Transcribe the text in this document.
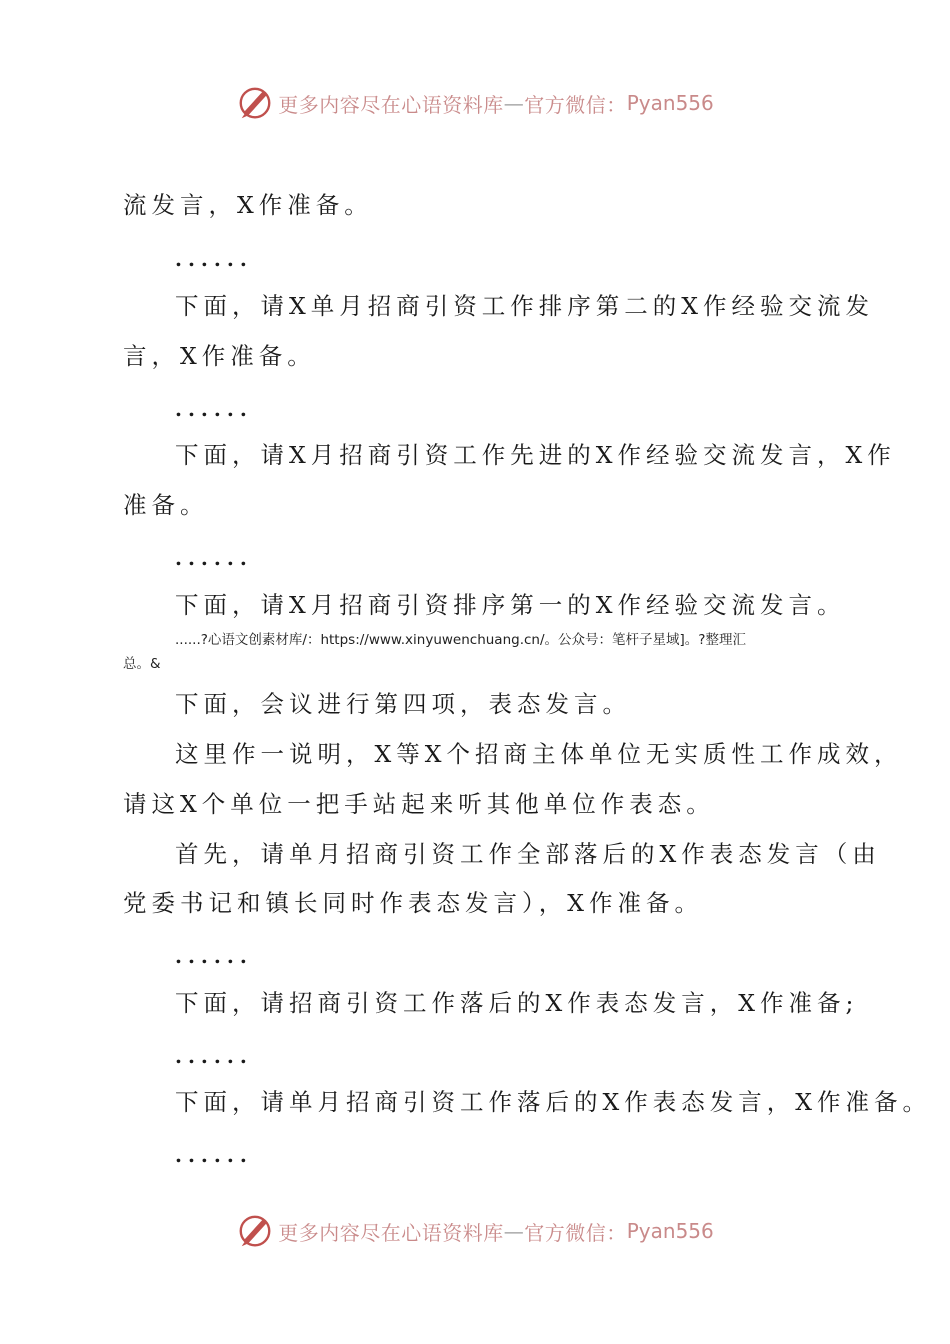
更多内容尽在心语资料库 — 官方微信： Pyan556
流发言，X作准备。
......
下面，请X单月招商引资工作排序第二的X作经验交流发
言，X作准备。
......
下面，请X月招商引资工作先进的X作经验交流发言，X作
准备。
......
下面，请X月招商引资排序第一的X作经验交流发言。
......?心语文创素材库/：https://www.xinyuwenchuang.cn/。公众号：笔杆子星域]。?整理汇
总。&
下面，会议进行第四项，表态发言。
这里作一说明，X等X个招商主体单位无实质性工作成效，
请这X个单位一把手站起来听其他单位作表态。
首先，请单月招商引资工作全部落后的X作表态发言（由
党委书记和镇长同时作表态发言），X作准备。
......
下面，请招商引资工作落后的X作表态发言，X作准备;
......
下面，请单月招商引资工作落后的X作表态发言，X作准备。
......
更多内容尽在心语资料库 — 官方微信： Pyan556
